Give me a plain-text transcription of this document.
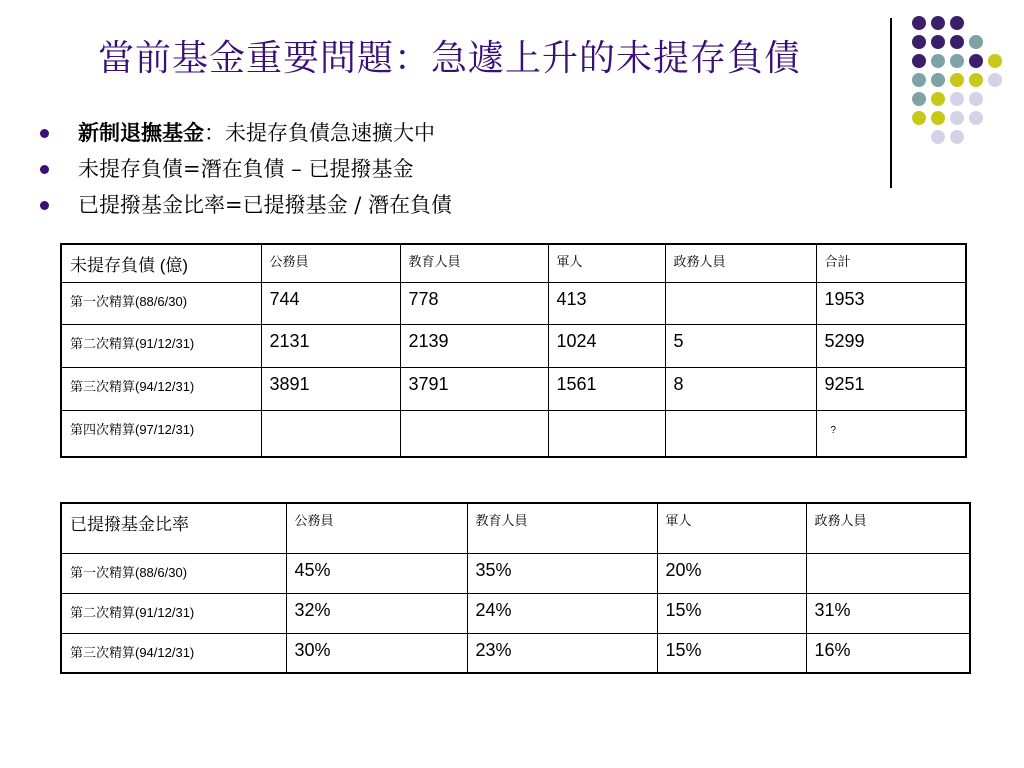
當前基金重要問題：急遽上升的未提存負債
新制退撫基金：未提存負債急速擴大中
未提存負債=潛在負債 – 已提撥基金
已提撥基金比率=已提撥基金 / 潛在負債
未提存負債 (億)	公務員	教育人員	軍人	政務人員	合計
第一次精算(88/6/30)	744	778	413		1953
第二次精算(91/12/31)	2131	2139	1024	5	5299
第三次精算(94/12/31)	3891	3791	1561	8	9251
第四次精算(97/12/31)					?
已提撥基金比率	公務員	教育人員	軍人	政務人員
第一次精算(88/6/30)	45%	35%	20%	
第二次精算(91/12/31)	32%	24%	15%	31%
第三次精算(94/12/31)	30%	23%	15%	16%
